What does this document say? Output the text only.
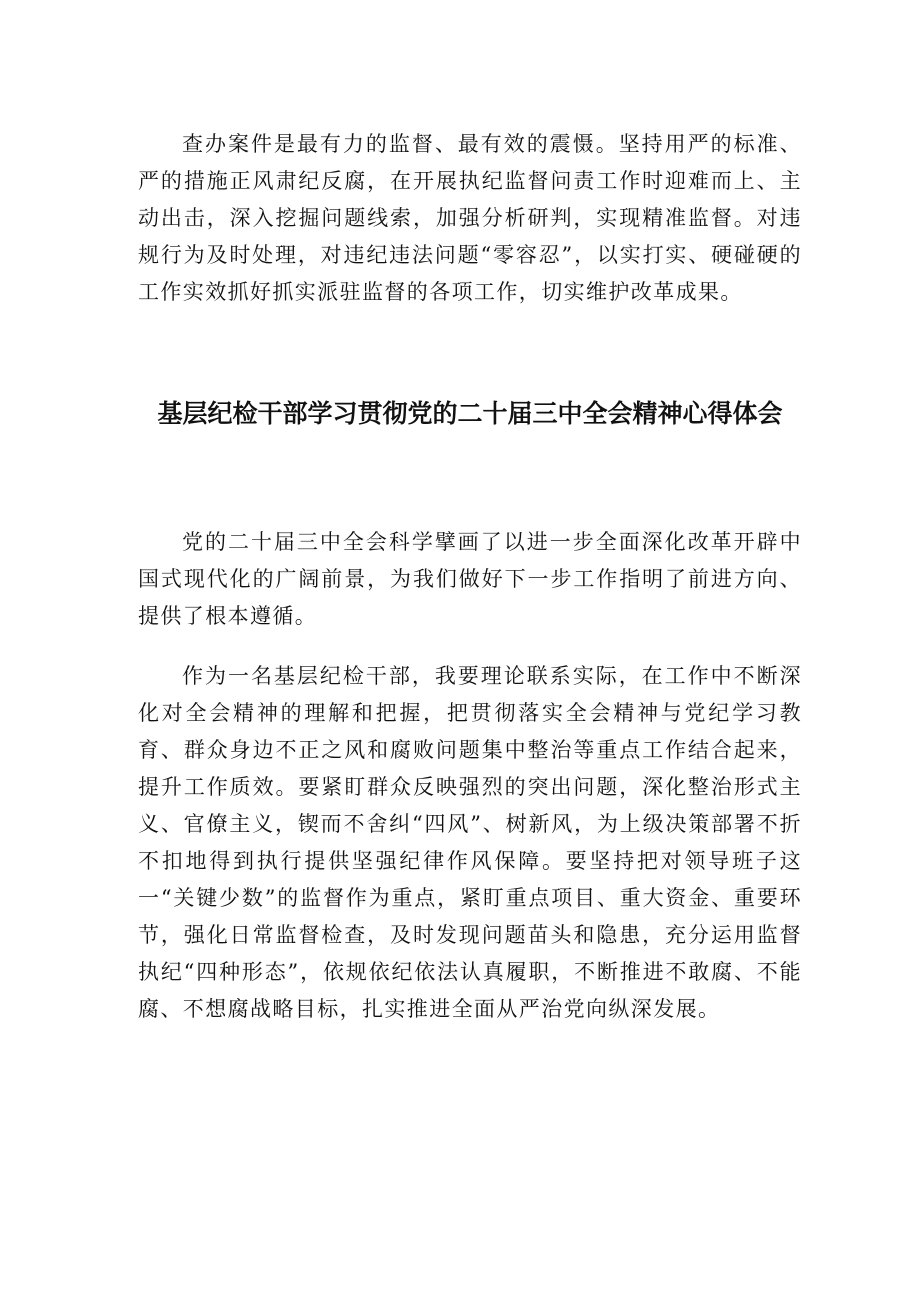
查办案件是最有力的监督、最有效的震慑。坚持用严的标准、严的措施正风肃纪反腐，在开展执纪监督问责工作时迎难而上、主动出击，深入挖掘问题线索，加强分析研判，实现精准监督。对违规行为及时处理，对违纪违法问题“零容忍”，以实打实、硬碰硬的工作实效抓好抓实派驻监督的各项工作，切实维护改革成果。

基层纪检干部学习贯彻党的二十届三中全会精神心得体会

党的二十届三中全会科学擘画了以进一步全面深化改革开辟中国式现代化的广阔前景，为我们做好下一步工作指明了前进方向、提供了根本遵循。

作为一名基层纪检干部，我要理论联系实际，在工作中不断深化对全会精神的理解和把握，把贯彻落实全会精神与党纪学习教育、群众身边不正之风和腐败问题集中整治等重点工作结合起来，提升工作质效。要紧盯群众反映强烈的突出问题，深化整治形式主义、官僚主义，锲而不舍纠“四风”、树新风，为上级决策部署不折不扣地得到执行提供坚强纪律作风保障。要坚持把对领导班子这一“关键少数”的监督作为重点，紧盯重点项目、重大资金、重要环节，强化日常监督检查，及时发现问题苗头和隐患，充分运用监督执纪“四种形态”，依规依纪依法认真履职，不断推进不敢腐、不能腐、不想腐战略目标，扎实推进全面从严治党向纵深发展。
